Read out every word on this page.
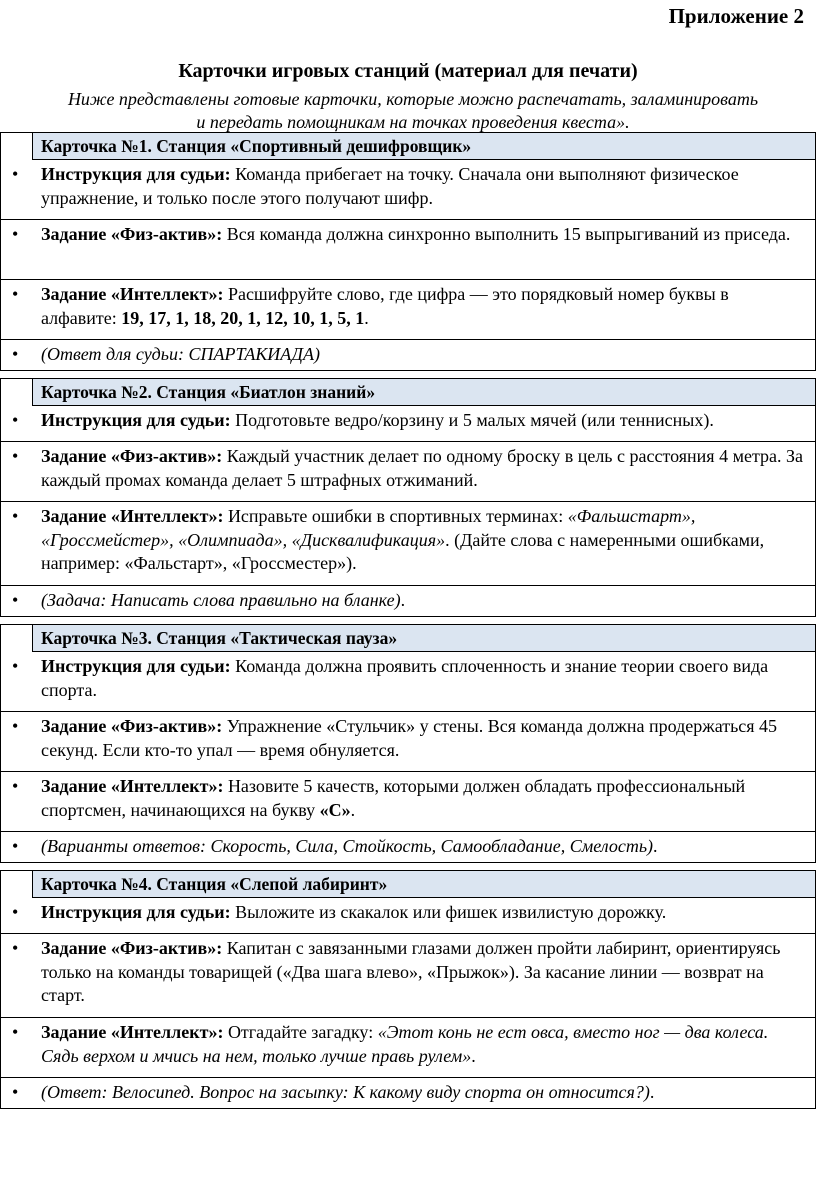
Приложение 2
Карточки игровых станций (материал для печати)
Ниже представлены готовые карточки, которые можно распечатать, заламинировать
и передать помощникам на точках проведения квеста».
Карточка №1. Станция «Спортивный дешифровщик»
• Инструкция для судьи: Команда прибегает на точку. Сначала они выполняют физическое упражнение, и только после этого получают шифр.
• Задание «Физ-актив»: Вся команда должна синхронно выполнить 15 выпрыгиваний из приседа.
• Задание «Интеллект»: Расшифруйте слово, где цифра — это порядковый номер буквы в алфавите: 19, 17, 1, 18, 20, 1, 12, 10, 1, 5, 1.
• (Ответ для судьи: СПАРТАКИАДА)
Карточка №2. Станция «Биатлон знаний»
• Инструкция для судьи: Подготовьте ведро/корзину и 5 малых мячей (или теннисных).
• Задание «Физ-актив»: Каждый участник делает по одному броску в цель с расстояния 4 метра. За каждый промах команда делает 5 штрафных отжиманий.
• Задание «Интеллект»: Исправьте ошибки в спортивных терминах: «Фальшстарт», «Гроссмейстер», «Олимпиада», «Дисквалификация». (Дайте слова с намеренными ошибками, например: «Фальстарт», «Гроссместер»).
• (Задача: Написать слова правильно на бланке).
Карточка №3. Станция «Тактическая пауза»
• Инструкция для судьи: Команда должна проявить сплоченность и знание теории своего вида спорта.
• Задание «Физ-актив»: Упражнение «Стульчик» у стены. Вся команда должна продержаться 45 секунд. Если кто-то упал — время обнуляется.
• Задание «Интеллект»: Назовите 5 качеств, которыми должен обладать профессиональный спортсмен, начинающихся на букву «С».
• (Варианты ответов: Скорость, Сила, Стойкость, Самообладание, Смелость).
Карточка №4. Станция «Слепой лабиринт»
• Инструкция для судьи: Выложите из скакалок или фишек извилистую дорожку.
• Задание «Физ-актив»: Капитан с завязанными глазами должен пройти лабиринт, ориентируясь только на команды товарищей («Два шага влево», «Прыжок»). За касание линии — возврат на старт.
• Задание «Интеллект»: Отгадайте загадку: «Этот конь не ест овса, вместо ног — два колеса. Сядь верхом и мчись на нем, только лучше правь рулем».
• (Ответ: Велосипед. Вопрос на засыпку: К какому виду спорта он относится?).
